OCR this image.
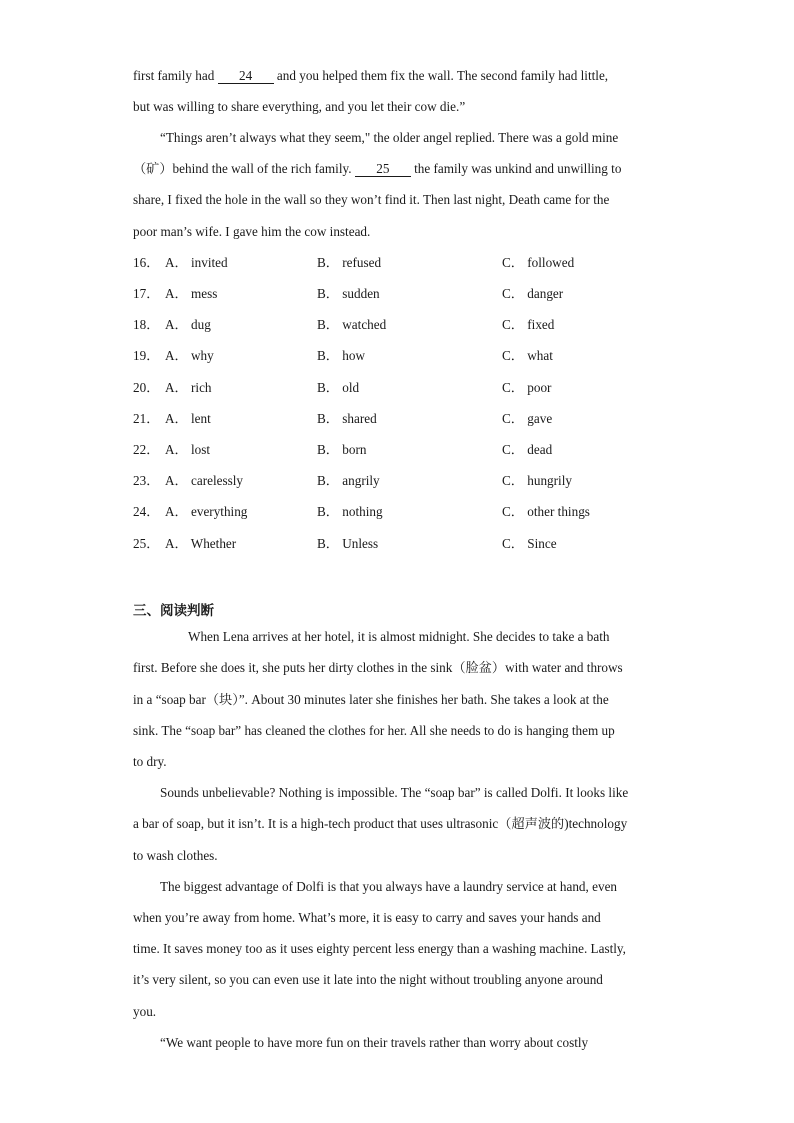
first family had 24 and you helped them fix the wall. The second family had little,
but was willing to share everything, and you let their cow die.”
“Things aren’t always what they seem," the older angel replied. There was a gold mine
（矿）behind the wall of the rich family. 25 the family was unkind and unwilling to
share, I fixed the hole in the wall so they won’t find it. Then last night, Death came for the
poor man’s wife. I gave him the cow instead.
16． A． invited	B． refused	C． followed
17． A． mess	B． sudden	C． danger
18． A． dug	B． watched	C． fixed
19． A． why	B． how	C． what
20． A． rich	B． old	C． poor
21． A． lent	B． shared	C． gave
22． A． lost	B． born	C． dead
23． A． carelessly	B． angrily	C． hungrily
24． A． everything	B． nothing	C． other things
25． A． Whether	B． Unless	C． Since
三、阅读判断
When Lena arrives at her hotel, it is almost midnight. She decides to take a bath
first. Before she does it, she puts her dirty clothes in the sink（脸盆）with water and throws
in a “soap bar（块）”. About 30 minutes later she finishes her bath. She takes a look at the
sink. The “soap bar” has cleaned the clothes for her. All she needs to do is hanging them up
to dry.
Sounds unbelievable? Nothing is impossible. The “soap bar” is called Dolfi. It looks like
a bar of soap, but it isn’t. It is a high-tech product that uses ultrasonic（超声波的)technology
to wash clothes.
The biggest advantage of Dolfi is that you always have a laundry service at hand, even
when you’re away from home. What’s more, it is easy to carry and saves your hands and
time. It saves money too as it uses eighty percent less energy than a washing machine. Lastly,
it’s very silent, so you can even use it late into the night without troubling anyone around
you.
“We want people to have more fun on their travels rather than worry about costly
